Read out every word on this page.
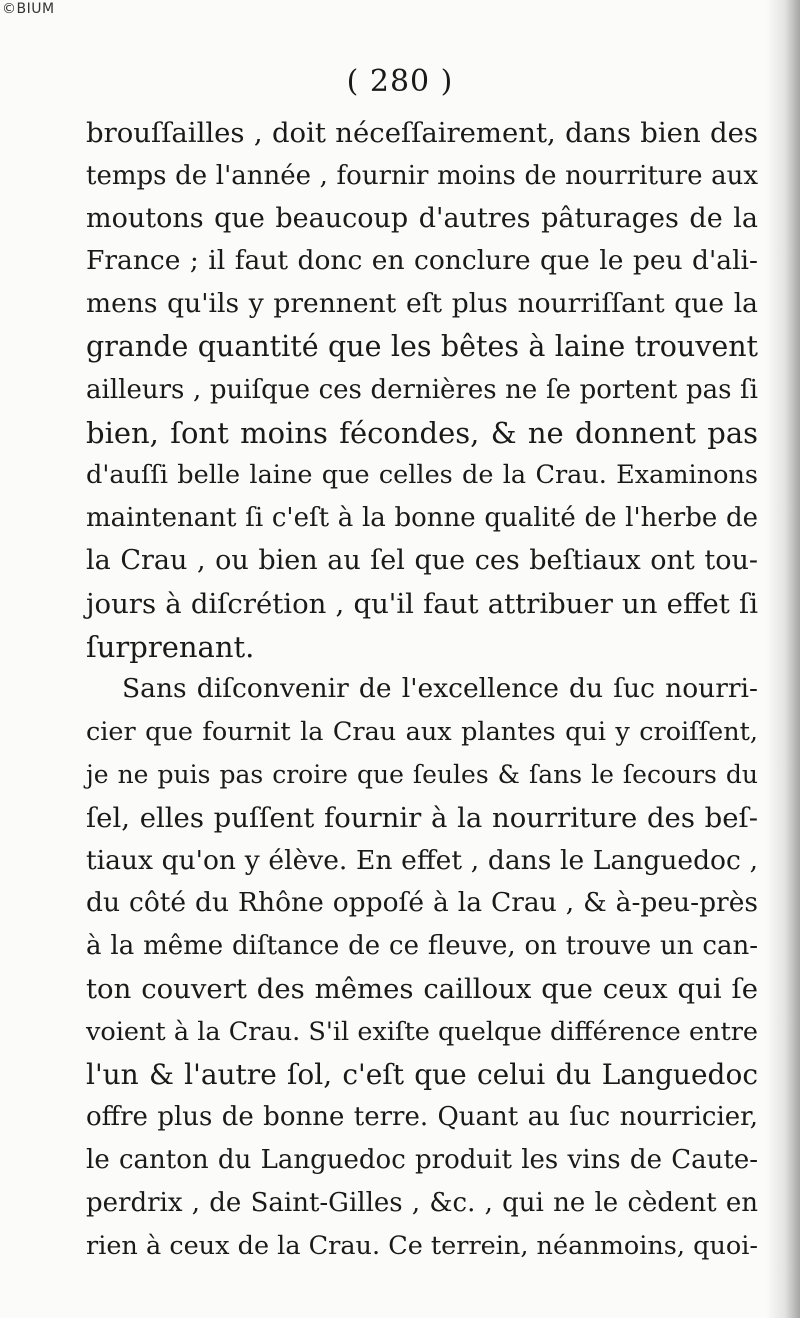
©BIUM
( 280 )
brouſſailles , doit néceſſairement, dans bien des
temps de l'année , fournir moins de nourriture aux
moutons que beaucoup d'autres pâturages de la
France ; il faut donc en conclure que le peu d'ali-
mens qu'ils y prennent eſt plus nourriſſant que la
grande quantité que les bêtes à laine trouvent
ailleurs , puiſque ces dernières ne ſe portent pas ſi
bien, ſont moins fécondes, & ne donnent pas
d'auſſi belle laine que celles de la Crau. Examinons
maintenant ſi c'eſt à la bonne qualité de l'herbe de
la Crau , ou bien au ſel que ces beſtiaux ont tou-
jours à diſcrétion , qu'il faut attribuer un effet ſi
ſurprenant.
Sans diſconvenir de l'excellence du ſuc nourri-
cier que fournit la Crau aux plantes qui y croiſſent,
je ne puis pas croire que ſeules & ſans le ſecours du
ſel, elles puſſent fournir à la nourriture des beſ-
tiaux qu'on y élève. En effet , dans le Languedoc ,
du côté du Rhône oppoſé à la Crau , & à-peu-près
à la même diſtance de ce fleuve, on trouve un can-
ton couvert des mêmes cailloux que ceux qui ſe
voient à la Crau. S'il exiſte quelque différence entre
l'un & l'autre ſol, c'eſt que celui du Languedoc
offre plus de bonne terre. Quant au ſuc nourricier,
le canton du Languedoc produit les vins de Caute-
perdrix , de Saint-Gilles , &c. , qui ne le cèdent en
rien à ceux de la Crau. Ce terrein, néanmoins, quoi-
